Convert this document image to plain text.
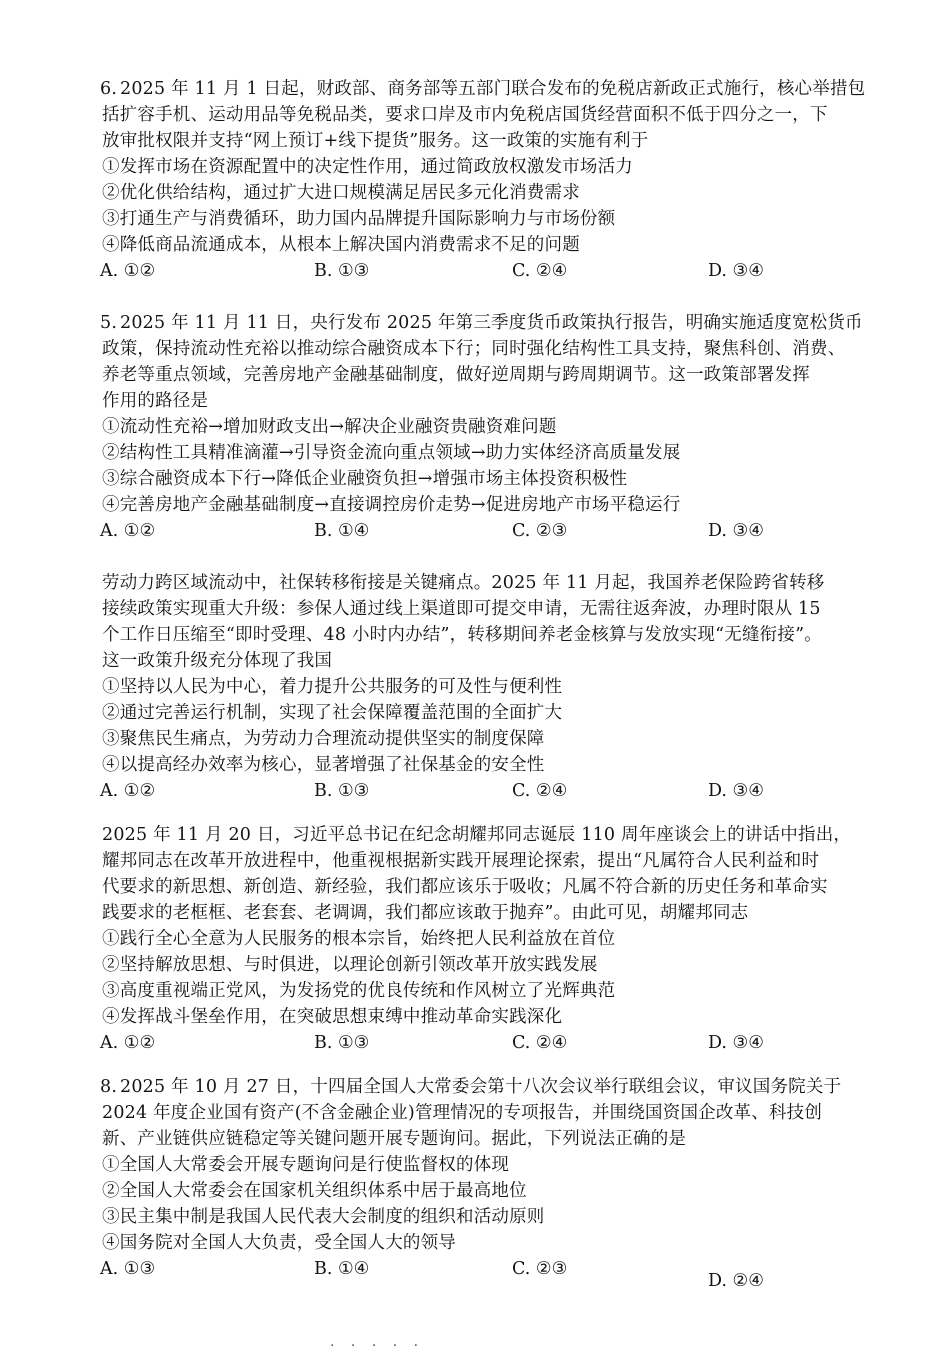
6. 2025 年 11 月 1 日起，财政部、商务部等五部门联合发布的免税店新政正式施行，核心举措包
括扩容手机、运动用品等免税品类，要求口岸及市内免税店国货经营面积不低于四分之一，下
放审批权限并支持“网上预订+线下提货”服务。这一政策的实施有利于
①发挥市场在资源配置中的决定性作用，通过简政放权激发市场活力
②优化供给结构，通过扩大进口规模满足居民多元化消费需求
③打通生产与消费循环，助力国内品牌提升国际影响力与市场份额
④降低商品流通成本，从根本上解决国内消费需求不足的问题
A. ①②	B. ①③	C. ②④	D. ③④
5. 2025 年 11 月 11 日，央行发布 2025 年第三季度货币政策执行报告，明确实施适度宽松货币
政策，保持流动性充裕以推动综合融资成本下行；同时强化结构性工具支持，聚焦科创、消费、
养老等重点领域，完善房地产金融基础制度，做好逆周期与跨周期调节。这一政策部署发挥
作用的路径是
①流动性充裕→增加财政支出→解决企业融资贵融资难问题
②结构性工具精准滴灌→引导资金流向重点领域→助力实体经济高质量发展
③综合融资成本下行→降低企业融资负担→增强市场主体投资积极性
④完善房地产金融基础制度→直接调控房价走势→促进房地产市场平稳运行
A. ①②	B. ①④	C. ②③	D. ③④
劳动力跨区域流动中，社保转移衔接是关键痛点。2025 年 11 月起，我国养老保险跨省转移
接续政策实现重大升级：参保人通过线上渠道即可提交申请，无需往返奔波，办理时限从 15
个工作日压缩至“即时受理、48 小时内办结”，转移期间养老金核算与发放实现“无缝衔接”。
这一政策升级充分体现了我国
①坚持以人民为中心，着力提升公共服务的可及性与便利性
②通过完善运行机制，实现了社会保障覆盖范围的全面扩大
③聚焦民生痛点，为劳动力合理流动提供坚实的制度保障
④以提高经办效率为核心，显著增强了社保基金的安全性
A. ①②	B. ①③	C. ②④	D. ③④
2025 年 11 月 20 日，习近平总书记在纪念胡耀邦同志诞辰 110 周年座谈会上的讲话中指出，
耀邦同志在改革开放进程中，他重视根据新实践开展理论探索，提出“凡属符合人民利益和时
代要求的新思想、新创造、新经验，我们都应该乐于吸收；凡属不符合新的历史任务和革命实
践要求的老框框、老套套、老调调，我们都应该敢于抛弃”。由此可见，胡耀邦同志
①践行全心全意为人民服务的根本宗旨，始终把人民利益放在首位
②坚持解放思想、与时俱进，以理论创新引领改革开放实践发展
③高度重视端正党风，为发扬党的优良传统和作风树立了光辉典范
④发挥战斗堡垒作用，在突破思想束缚中推动革命实践深化
A. ①②	B. ①③	C. ②④	D. ③④
8. 2025 年 10 月 27 日，十四届全国人大常委会第十八次会议举行联组会议，审议国务院关于
2024 年度企业国有资产(不含金融企业)管理情况的专项报告，并围绕国资国企改革、科技创
新、产业链供应链稳定等关键问题开展专题询问。据此，下列说法正确的是
①全国人大常委会开展专题询问是行使监督权的体现
②全国人大常委会在国家机关组织体系中居于最高地位
③民主集中制是我国人民代表大会制度的组织和活动原则
④国务院对全国人大负责，受全国人大的领导
A. ①③	B. ①④	C. ②③
D. ②④
· · · · ·
